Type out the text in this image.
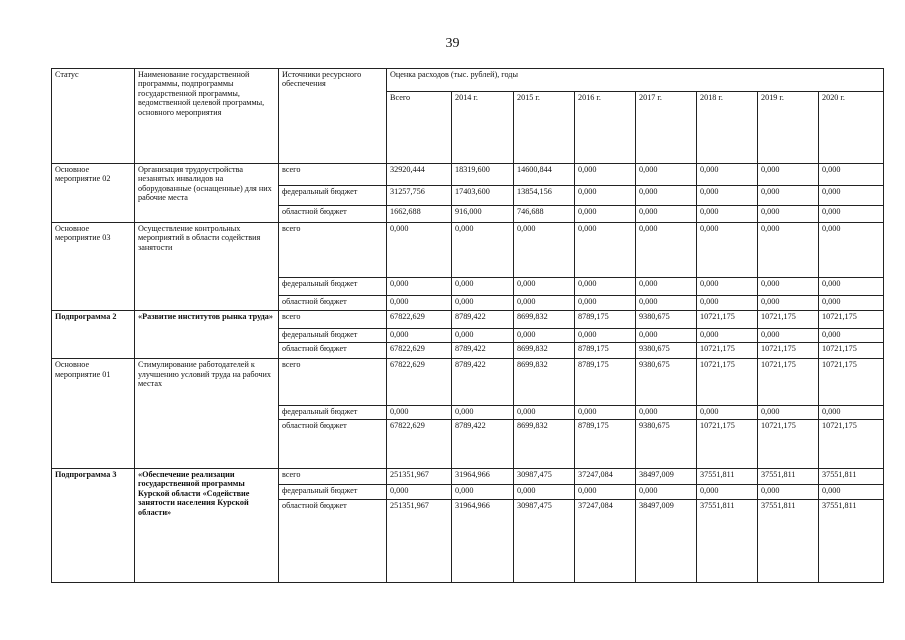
39
Статус	Наименование государственной программы, подпрограммы государственной программы, ведомственной целевой программы, основного мероприятия	Источники ресурсного обеспечения	Оценка расходов (тыс. рублей), годы							
			Всего	2014 г.	2015 г.	2016 г.	2017 г.	2018 г.	2019 г.	2020 г.
Основное мероприятие 02	Организация трудоустройства незанятых инвалидов на оборудованные (оснащенные) для них рабочие места	всего	32920,444	18319,600	14600,844	0,000	0,000	0,000	0,000	0,000
		федеральный бюджет	31257,756	17403,600	13854,156	0,000	0,000	0,000	0,000	0,000
		областной бюджет	1662,688	916,000	746,688	0,000	0,000	0,000	0,000	0,000
Основное мероприятие 03	Осуществление контрольных мероприятий в области содействия занятости	всего	0,000	0,000	0,000	0,000	0,000	0,000	0,000	0,000
		федеральный бюджет	0,000	0,000	0,000	0,000	0,000	0,000	0,000	0,000
		областной бюджет	0,000	0,000	0,000	0,000	0,000	0,000	0,000	0,000
Подпрограмма 2	«Развитие институтов рынка труда»	всего	67822,629	8789,422	8699,832	8789,175	9380,675	10721,175	10721,175	10721,175
		федеральный бюджет	0,000	0,000	0,000	0,000	0,000	0,000	0,000	0,000
		областной бюджет	67822,629	8789,422	8699,832	8789,175	9380,675	10721,175	10721,175	10721,175
Основное мероприятие 01	Стимулирование работодателей к улучшению условий труда на рабочих местах	всего	67822,629	8789,422	8699,832	8789,175	9380,675	10721,175	10721,175	10721,175
		федеральный бюджет	0,000	0,000	0,000	0,000	0,000	0,000	0,000	0,000
		областной бюджет	67822,629	8789,422	8699,832	8789,175	9380,675	10721,175	10721,175	10721,175
Подпрограмма 3	«Обеспечение реализации государственной программы Курской области «Содействие занятости населения Курской области»	всего	251351,967	31964,966	30987,475	37247,084	38497,009	37551,811	37551,811	37551,811
		федеральный бюджет	0,000	0,000	0,000	0,000	0,000	0,000	0,000	0,000
		областной бюджет	251351,967	31964,966	30987,475	37247,084	38497,009	37551,811	37551,811	37551,811
